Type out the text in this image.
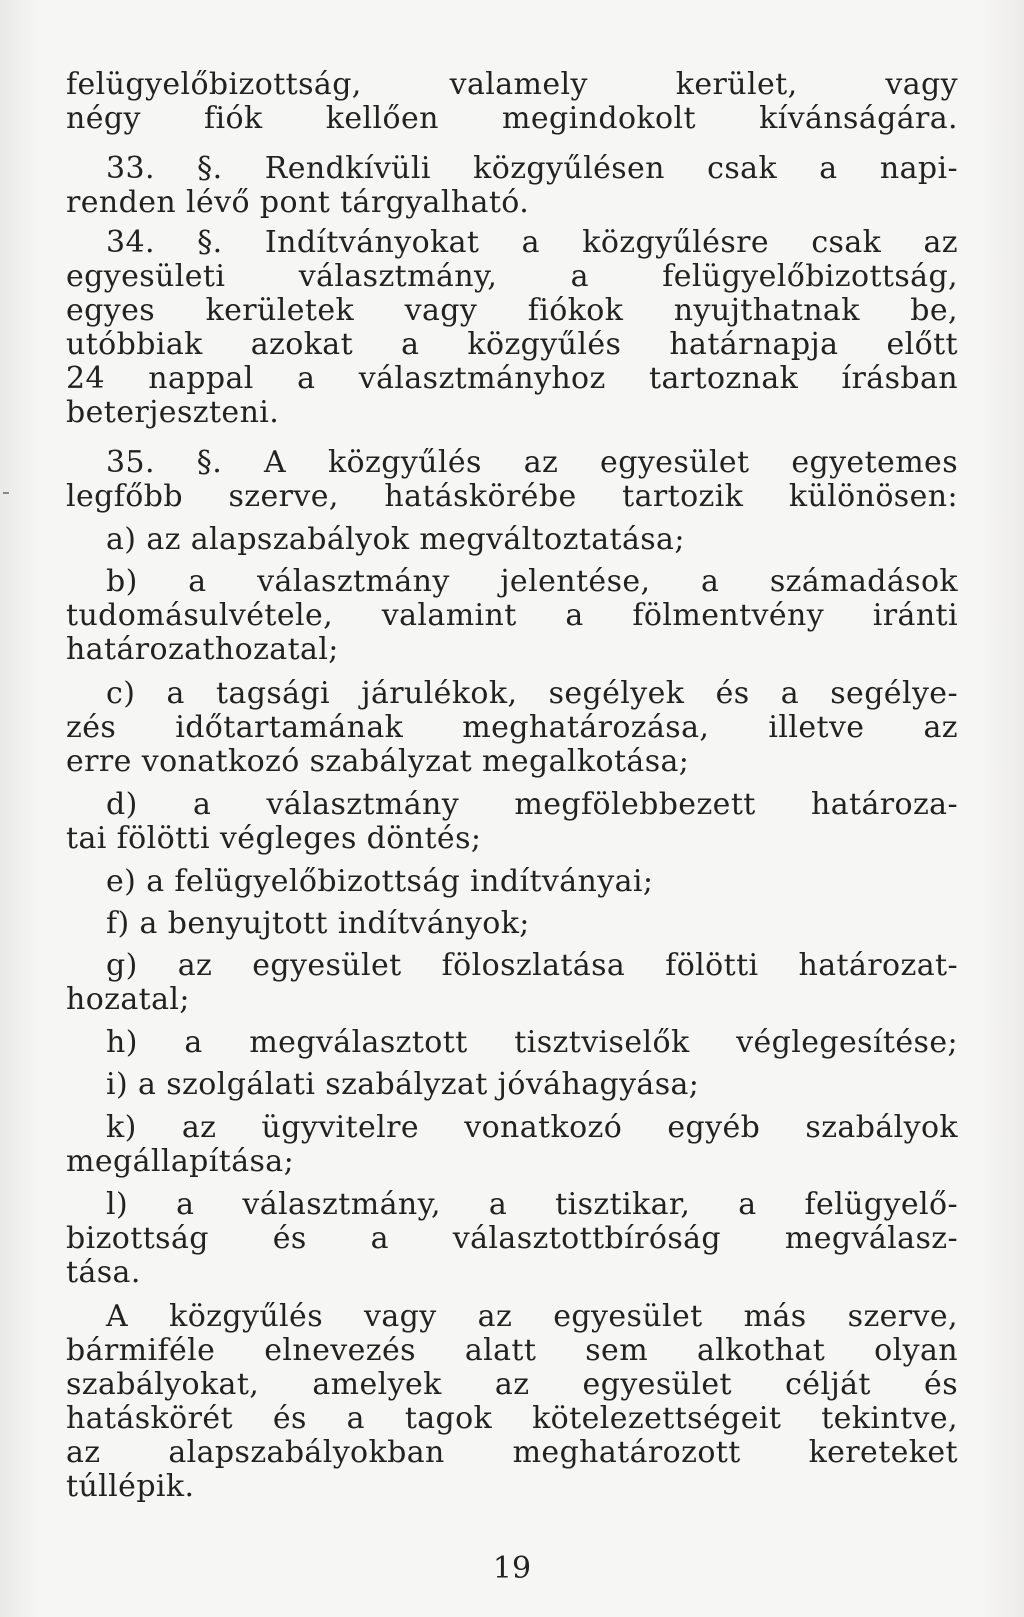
felügyelőbizottság, valamely kerület, vagy
négy fiók kellően megindokolt kívánságára.
33. §. Rendkívüli közgyűlésen csak a napi-
renden lévő pont tárgyalható.
34. §. Indítványokat a közgyűlésre csak az
egyesületi választmány, a felügyelőbizottság,
egyes kerületek vagy fiókok nyujthatnak be,
utóbbiak azokat a közgyűlés határnapja előtt
24 nappal a választmányhoz tartoznak írásban
beterjeszteni.
35. §. A közgyűlés az egyesület egyetemes
legfőbb szerve, hatáskörébe tartozik különösen:
a) az alapszabályok megváltoztatása;
b) a választmány jelentése, a számadások
tudomásulvétele, valamint a fölmentvény iránti
határozathozatal;
c) a tagsági járulékok, segélyek és a segélye-
zés időtartamának meghatározása, illetve az
erre vonatkozó szabályzat megalkotása;
d) a választmány megfölebbezett határoza-
tai fölötti végleges döntés;
e) a felügyelőbizottság indítványai;
f) a benyujtott indítványok;
g) az egyesület föloszlatása fölötti határozat-
hozatal;
h) a megválasztott tisztviselők véglegesítése;
i) a szolgálati szabályzat jóváhagyása;
k) az ügyvitelre vonatkozó egyéb szabályok
megállapítása;
l) a választmány, a tisztikar, a felügyelő-
bizottság és a választottbíróság megválasz-
tása.
A közgyűlés vagy az egyesület más szerve,
bármiféle elnevezés alatt sem alkothat olyan
szabályokat, amelyek az egyesület célját és
hatáskörét és a tagok kötelezettségeit tekintve,
az alapszabályokban meghatározott kereteket
túllépik.
19
